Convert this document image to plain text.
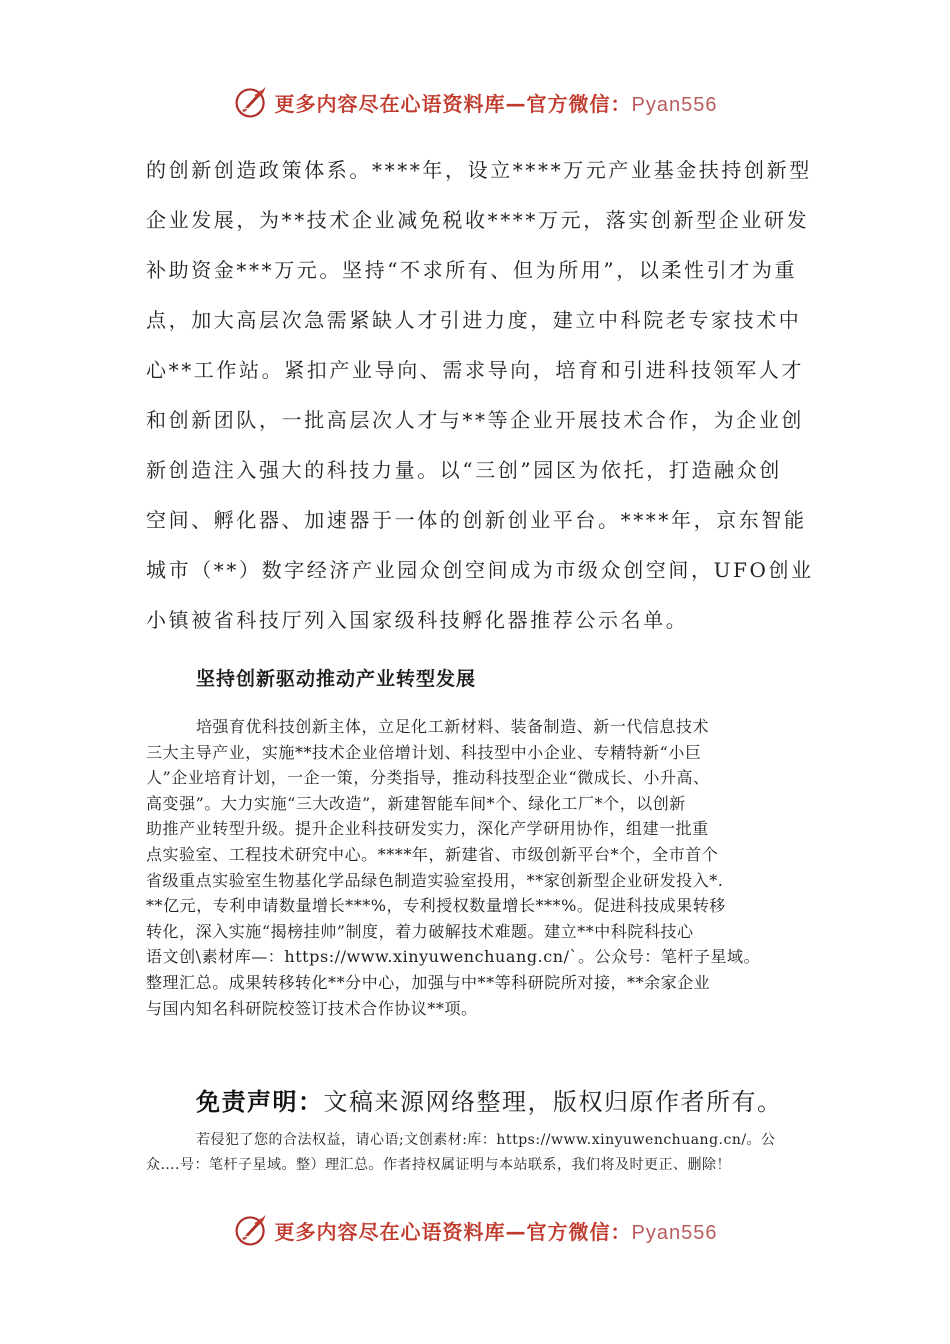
更多内容尽在心语资料库—官方微信：Pyan556
的创新创造政策体系。****年，设立****万元产业基金扶持创新型
企业发展，为**技术企业减免税收****万元，落实创新型企业研发
补助资金***万元。坚持“不求所有、但为所用”，以柔性引才为重
点，加大高层次急需紧缺人才引进力度，建立中科院老专家技术中
心**工作站。紧扣产业导向、需求导向，培育和引进科技领军人才
和创新团队，一批高层次人才与**等企业开展技术合作，为企业创
新创造注入强大的科技力量。以“三创”园区为依托，打造融众创
空间、孵化器、加速器于一体的创新创业平台。****年，京东智能
城市（**）数字经济产业园众创空间成为市级众创空间，UFO创业
小镇被省科技厅列入国家级科技孵化器推荐公示名单。
坚持创新驱动推动产业转型发展
培强育优科技创新主体，立足化工新材料、装备制造、新一代信息技术
三大主导产业，实施**技术企业倍增计划、科技型中小企业、专精特新“小巨
人”企业培育计划，一企一策，分类指导，推动科技型企业“微成长、小升高、
高变强”。大力实施“三大改造”，新建智能车间*个、绿化工厂*个，以创新
助推产业转型升级。提升企业科技研发实力，深化产学研用协作，组建一批重
点实验室、工程技术研究中心。****年，新建省、市级创新平台*个，全市首个
省级重点实验室生物基化学品绿色制造实验室投用，**家创新型企业研发投入*.
**亿元，专利申请数量增长***%，专利授权数量增长***%。促进科技成果转移
转化，深入实施“揭榜挂帅”制度，着力破解技术难题。建立**中科院科技心
语文创\素材库—：https://www.xinyuwenchuang.cn/`。公众号：笔杆子星域。
整理汇总。成果转移转化**分中心，加强与中**等科研院所对接，**余家企业
与国内知名科研院校签订技术合作协议**项。
免责声明：文稿来源网络整理，版权归原作者所有。
若侵犯了您的合法权益，请心语;文创素材:库：https://www.xinyuwenchuang.cn/。公
众….号：笔杆子星域。整）理汇总。作者持权属证明与本站联系，我们将及时更正、删除！
更多内容尽在心语资料库—官方微信：Pyan556
